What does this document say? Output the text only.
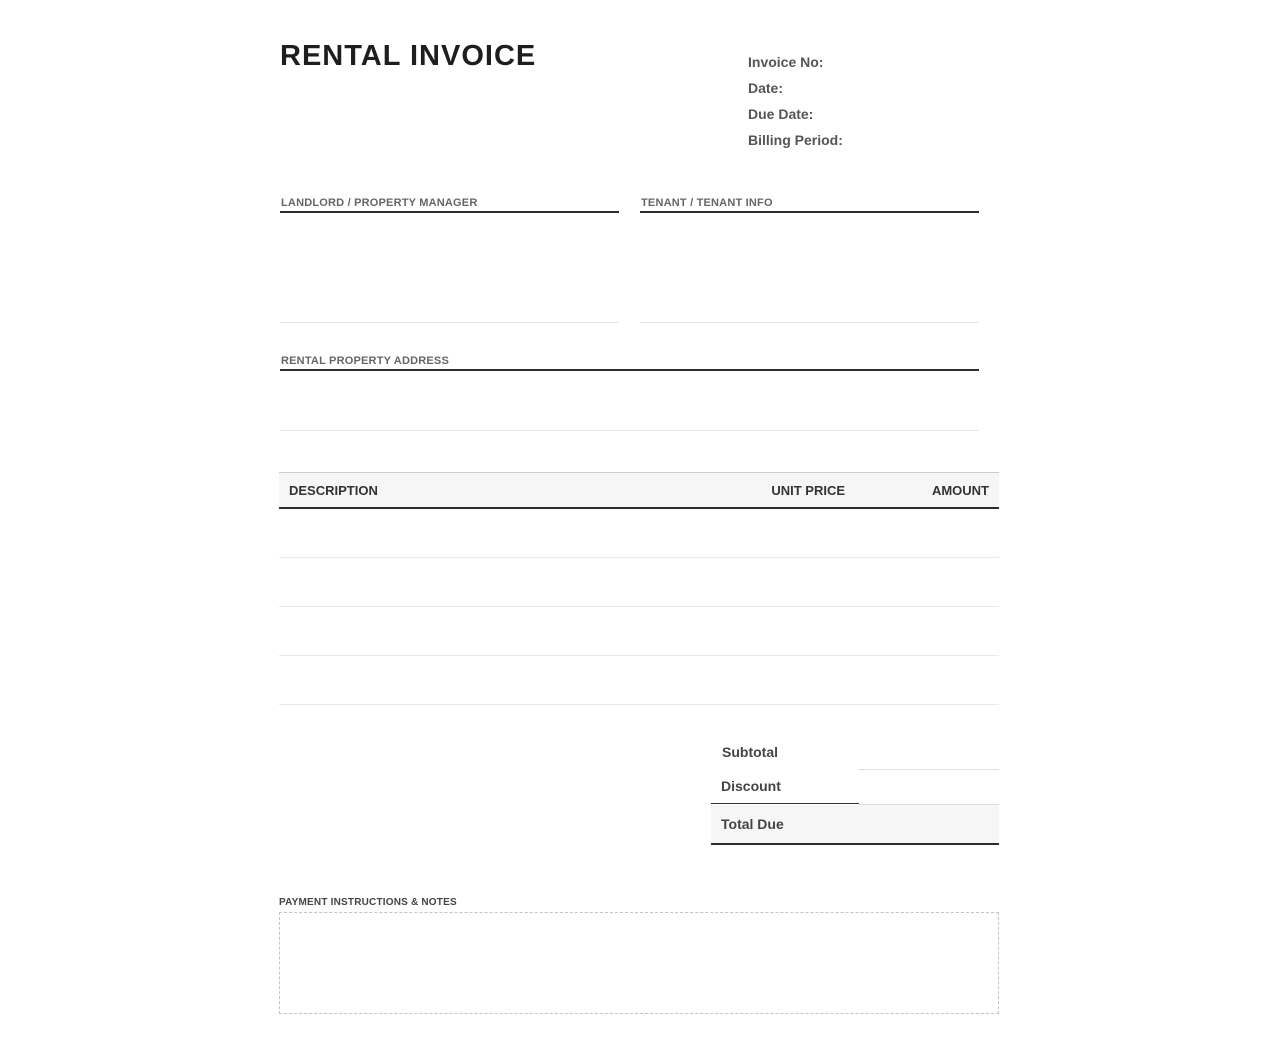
RENTAL INVOICE	Invoice No:
Date:
Due Date:
Billing Period:
LANDLORD / PROPERTY MANAGER	TENANT / TENANT INFO
RENTAL PROPERTY ADDRESS
DESCRIPTION	UNIT PRICE	AMOUNT
Subtotal
Discount
Total Due
PAYMENT INSTRUCTIONS & NOTES
